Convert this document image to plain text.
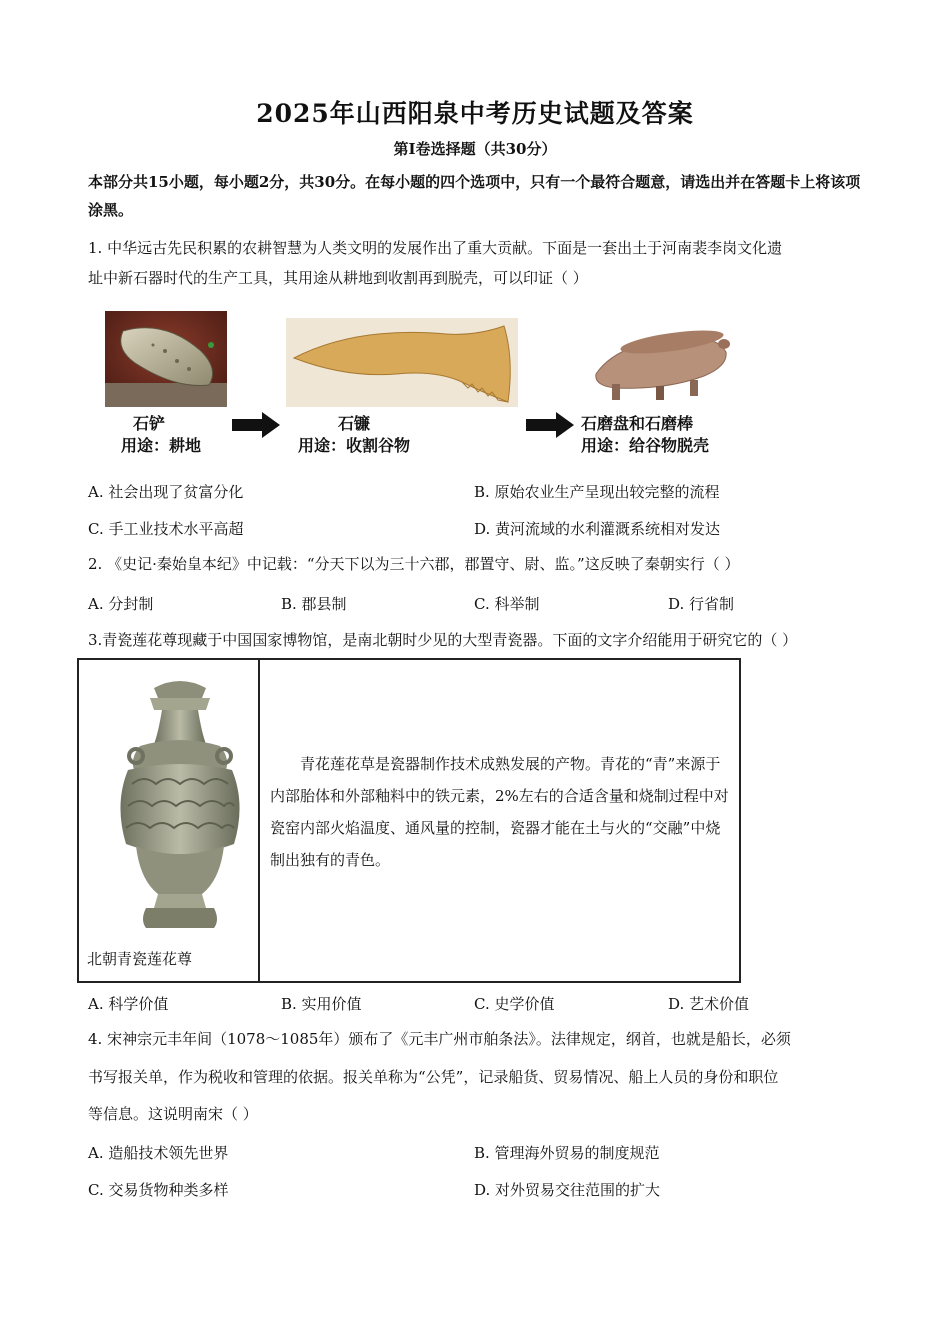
2025年山西阳泉中考历史试题及答案
第Ⅰ卷选择题（共30分）
本部分共15小题，每小题2分，共30分。在每小题的四个选项中，只有一个最符合题意，请选出并在答题卡上将该项涂黑。
1. 中华远古先民积累的农耕智慧为人类文明的发展作出了重大贡献。下面是一套出土于河南裴李岗文化遗
址中新石器时代的生产工具，其用途从耕地到收割再到脱壳，可以印证（ ）
石铲
用途：耕地
石镰
用途：收割谷物
石磨盘和石磨棒
用途：给谷物脱壳
A. 社会出现了贫富分化	B. 原始农业生产呈现出较完整的流程
C. 手工业技术水平高超	D. 黄河流域的水利灌溉系统相对发达
2. 《史记·秦始皇本纪》中记载：“分天下以为三十六郡，郡置守、尉、监。”这反映了秦朝实行（ ）
A. 分封制	B. 郡县制	C. 科举制	D. 行省制
3.青瓷莲花尊现藏于中国国家博物馆，是南北朝时少见的大型青瓷器。下面的文字介绍能用于研究它的（ ）
北朝青瓷莲花尊
青花莲花草是瓷器制作技术成熟发展的产物。青花的“青”来源于内部胎体和外部釉料中的铁元素，2%左右的合适含量和烧制过程中对瓷窑内部火焰温度、通风量的控制，瓷器才能在土与火的“交融”中烧制出独有的青色。
A. 科学价值	B. 实用价值	C. 史学价值	D. 艺术价值
4. 宋神宗元丰年间（1078～1085年）颁布了《元丰广州市舶条法》。法律规定，纲首，也就是船长，必须
书写报关单，作为税收和管理的依据。报关单称为“公凭”，记录船货、贸易情况、船上人员的身份和职位
等信息。这说明南宋（ ）
A. 造船技术领先世界	B. 管理海外贸易的制度规范
C. 交易货物种类多样	D. 对外贸易交往范围的扩大
